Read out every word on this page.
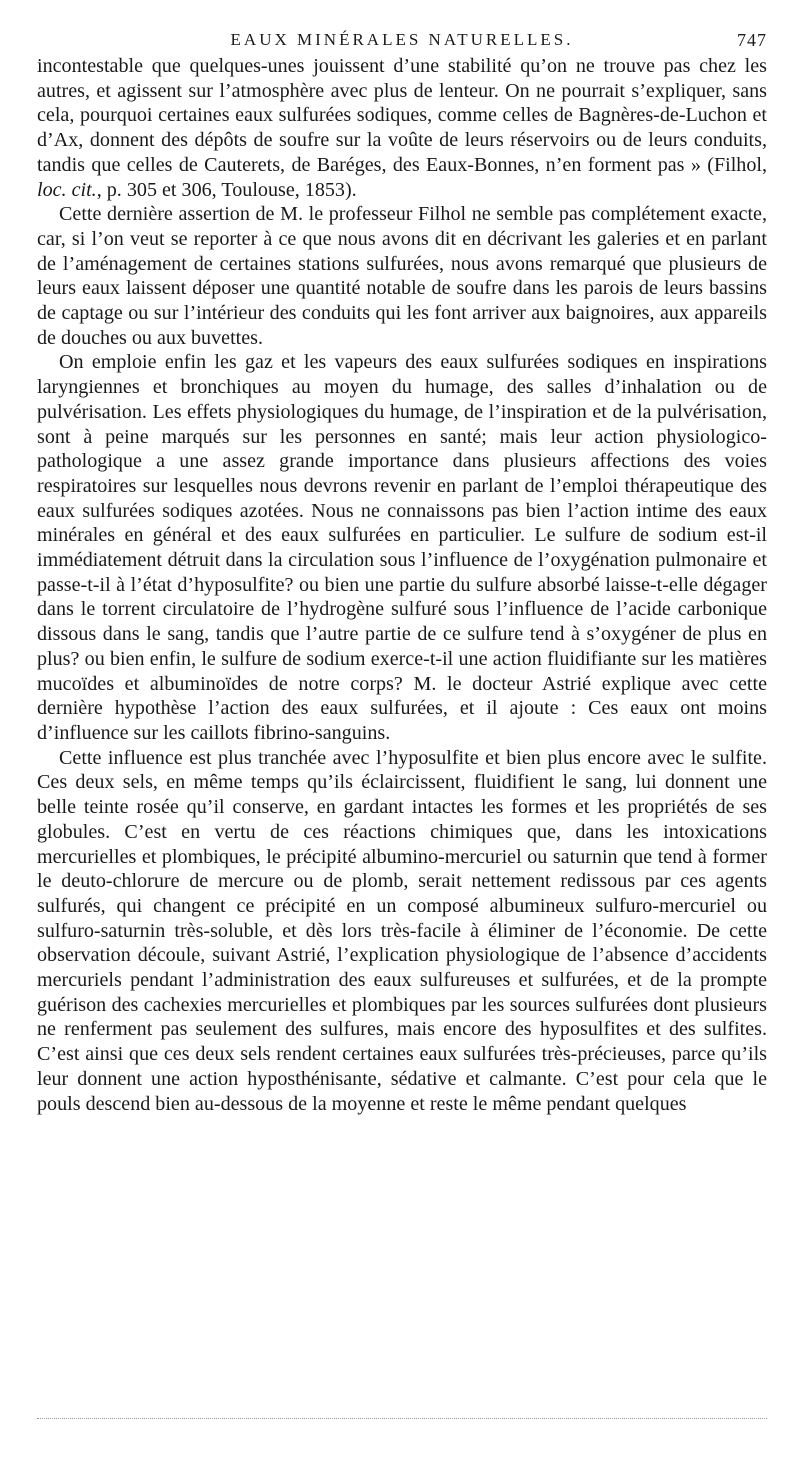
EAUX MINÉRALES NATURELLES.	747

incontestable que quelques-unes jouissent d’une stabilité qu’on ne trouve pas chez les autres, et agissent sur l’atmosphère avec plus de lenteur. On ne pourrait s’expliquer, sans cela, pourquoi certaines eaux sulfurées sodiques, comme celles de Bagnères-de-Luchon et d’Ax, donnent des dépôts de soufre sur la voûte de leurs réservoirs ou de leurs conduits, tandis que celles de Cauterets, de Baréges, des Eaux-Bonnes, n’en forment pas » (Filhol, loc. cit., p. 305 et 306, Toulouse, 1853).

Cette dernière assertion de M. le professeur Filhol ne semble pas complétement exacte, car, si l’on veut se reporter à ce que nous avons dit en décrivant les galeries et en parlant de l’aménagement de certaines stations sulfurées, nous avons remarqué que plusieurs de leurs eaux laissent déposer une quantité notable de soufre dans les parois de leurs bassins de captage ou sur l’intérieur des conduits qui les font arriver aux baignoires, aux appareils de douches ou aux buvettes.

On emploie enfin les gaz et les vapeurs des eaux sulfurées sodiques en inspirations laryngiennes et bronchiques au moyen du humage, des salles d’inhalation ou de pulvérisation. Les effets physiologiques du humage, de l’inspiration et de la pulvérisation, sont à peine marqués sur les personnes en santé; mais leur action physiologico-pathologique a une assez grande importance dans plusieurs affections des voies respiratoires sur lesquelles nous devrons revenir en parlant de l’emploi thérapeutique des eaux sulfurées sodiques azotées. Nous ne connaissons pas bien l’action intime des eaux minérales en général et des eaux sulfurées en particulier. Le sulfure de sodium est-il immédiatement détruit dans la circulation sous l’influence de l’oxygénation pulmonaire et passe-t-il à l’état d’hyposulfite? ou bien une partie du sulfure absorbé laisse-t-elle dégager dans le torrent circulatoire de l’hydrogène sulfuré sous l’influence de l’acide carbonique dissous dans le sang, tandis que l’autre partie de ce sulfure tend à s’oxygéner de plus en plus? ou bien enfin, le sulfure de sodium exerce-t-il une action fluidifiante sur les matières mucoïdes et albuminoïdes de notre corps? M. le docteur Astrié explique avec cette dernière hypothèse l’action des eaux sulfurées, et il ajoute : Ces eaux ont moins d’influence sur les caillots fibrino-sanguins.

Cette influence est plus tranchée avec l’hyposulfite et bien plus encore avec le sulfite. Ces deux sels, en même temps qu’ils éclaircissent, fluidifient le sang, lui donnent une belle teinte rosée qu’il conserve, en gardant intactes les formes et les propriétés de ses globules. C’est en vertu de ces réactions chimiques que, dans les intoxications mercurielles et plombiques, le précipité albumino-mercuriel ou saturnin que tend à former le deuto-chlorure de mercure ou de plomb, serait nettement redissous par ces agents sulfurés, qui changent ce précipité en un composé albumineux sulfuro-mercuriel ou sulfuro-saturnin très-soluble, et dès lors très-facile à éliminer de l’économie. De cette observation découle, suivant Astrié, l’explication physiologique de l’absence d’accidents mercuriels pendant l’administration des eaux sulfureuses et sulfurées, et de la prompte guérison des cachexies mercurielles et plombiques par les sources sulfurées dont plusieurs ne renferment pas seulement des sulfures, mais encore des hyposulfites et des sulfites. C’est ainsi que ces deux sels rendent certaines eaux sulfurées très-précieuses, parce qu’ils leur donnent une action hyposthénisante, sédative et calmante. C’est pour cela que le pouls descend bien au-dessous de la moyenne et reste le même pendant quelques
